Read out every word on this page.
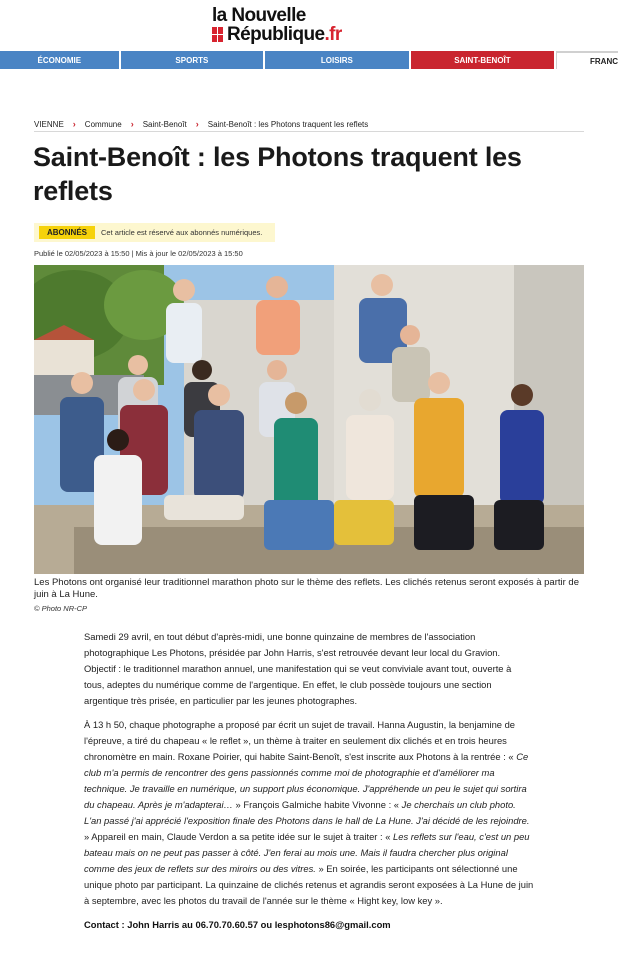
la Nouvelle
République.fr
ÉCONOMIE	SPORTS	LOISIRS	SAINT-BENOÎT	FRANC
VIENNE › Commune › Saint-Benoît › Saint-Benoît : les Photons traquent les reflets
Saint-Benoît : les Photons traquent les reflets
ABONNÉS	Cet article est réservé aux abonnés numériques.
Publié le 02/05/2023 à 15:50 | Mis à jour le 02/05/2023 à 15:50
Les Photons ont organisé leur traditionnel marathon photo sur le thème des reflets. Les clichés retenus seront exposés à partir de juin à La Hune.
© Photo NR-CP

Samedi 29 avril, en tout début d'après-midi, une bonne quinzaine de membres de l'association photographique Les Photons, présidée par John Harris, s'est retrouvée devant leur local du Gravion. Objectif : le traditionnel marathon annuel, une manifestation qui se veut conviviale avant tout, ouverte à tous, adeptes du numérique comme de l'argentique. En effet, le club possède toujours une section argentique très prisée, en particulier par les jeunes photographes.

À 13 h 50, chaque photographe a proposé par écrit un sujet de travail. Hanna Augustin, la benjamine de l'épreuve, a tiré du chapeau « le reflet », un thème à traiter en seulement dix clichés et en trois heures chronomètre en main. Roxane Poirier, qui habite Saint-Benoît, s'est inscrite aux Photons à la rentrée : « Ce club m'a permis de rencontrer des gens passionnés comme moi de photographie et d'améliorer ma technique. Je travaille en numérique, un support plus économique. J'appréhende un peu le sujet qui sortira du chapeau. Après je m'adapterai… » François Galmiche habite Vivonne : « Je cherchais un club photo. L'an passé j'ai apprécié l'exposition finale des Photons dans le hall de La Hune. J'ai décidé de les rejoindre. » Appareil en main, Claude Verdon a sa petite idée sur le sujet à traiter : « Les reflets sur l'eau, c'est un peu bateau mais on ne peut pas passer à côté. J'en ferai au mois une. Mais il faudra chercher plus original comme des jeux de reflets sur des miroirs ou des vitres. » En soirée, les participants ont sélectionné une unique photo par participant. La quinzaine de clichés retenus et agrandis seront exposées à La Hune de juin à septembre, avec les photos du travail de l'année sur le thème « Hight key, low key ».

Contact : John Harris au 06.70.70.60.57 ou lesphotons86@gmail.com
